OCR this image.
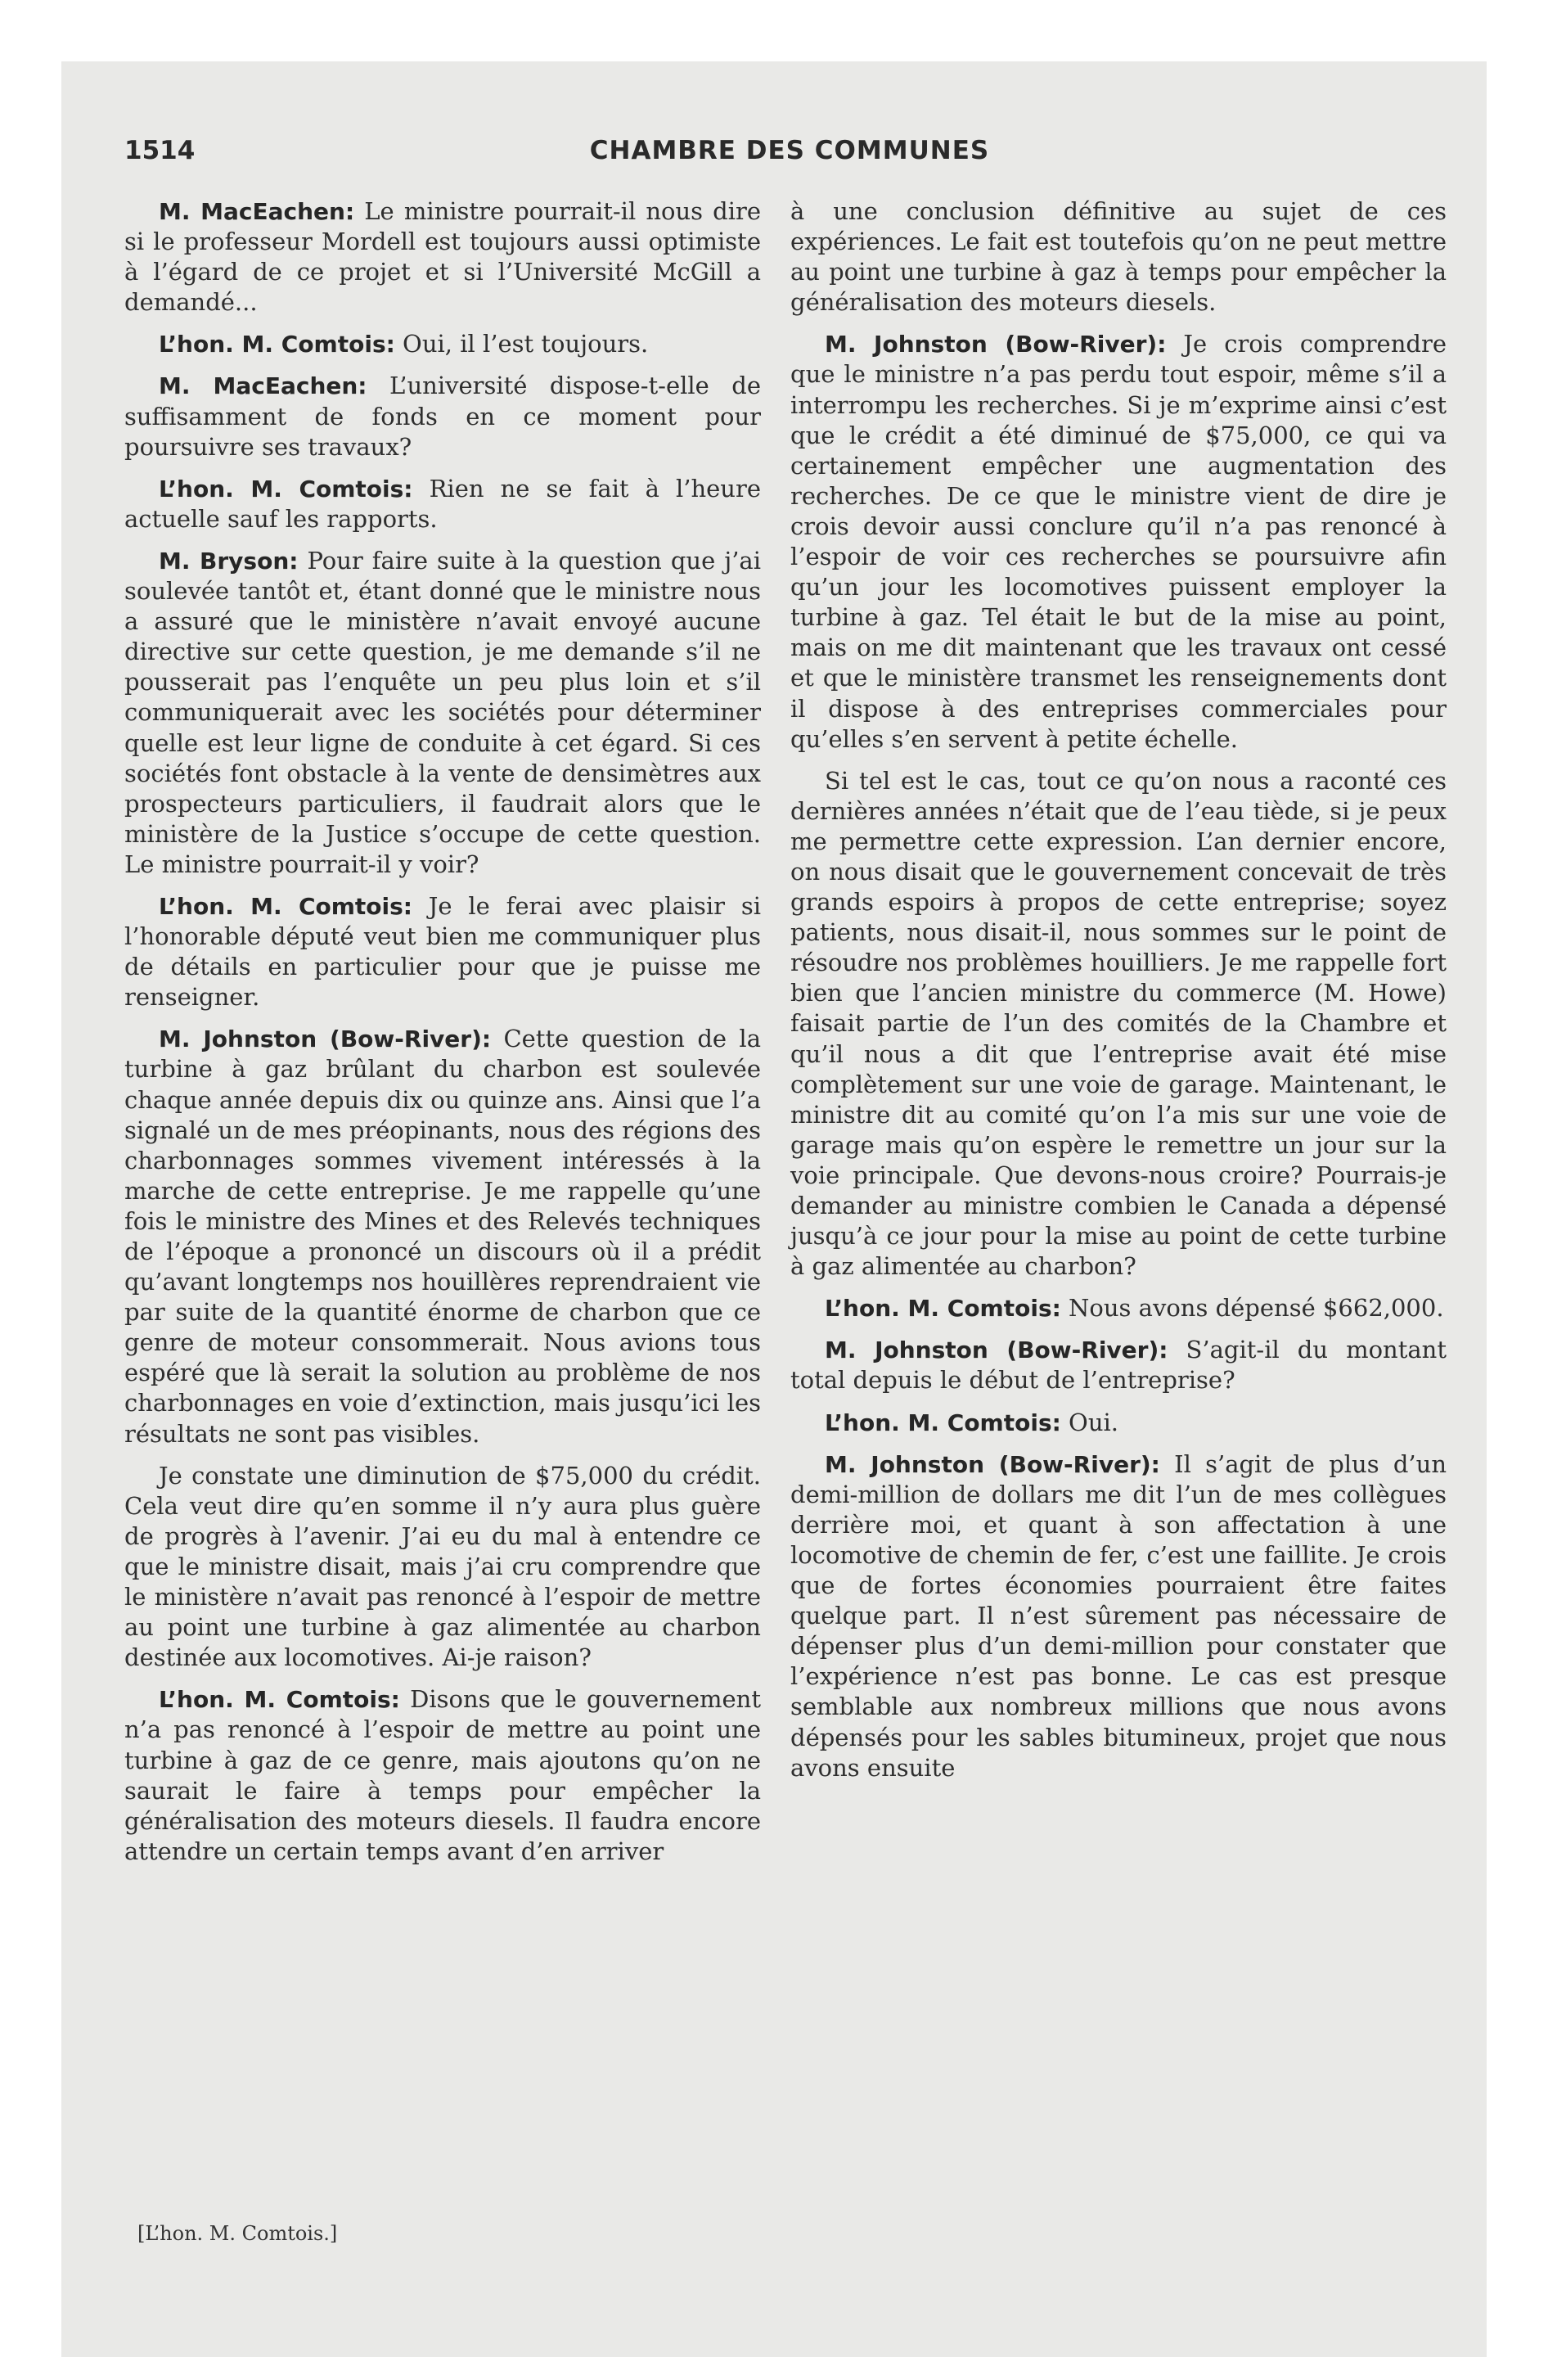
1514	CHAMBRE DES COMMUNES

M. MacEachen: Le ministre pourrait-il nous dire si le professeur Mordell est toujours aussi optimiste à l’égard de ce projet et si l’Université McGill a demandé...

L’hon. M. Comtois: Oui, il l’est toujours.

M. MacEachen: L’université dispose-t-elle de suffisamment de fonds en ce moment pour poursuivre ses travaux?

L’hon. M. Comtois: Rien ne se fait à l’heure actuelle sauf les rapports.

M. Bryson: Pour faire suite à la question que j’ai soulevée tantôt et, étant donné que le ministre nous a assuré que le ministère n’avait envoyé aucune directive sur cette question, je me demande s’il ne pousserait pas l’enquête un peu plus loin et s’il communiquerait avec les sociétés pour déterminer quelle est leur ligne de conduite à cet égard. Si ces sociétés font obstacle à la vente de densimètres aux prospecteurs particuliers, il faudrait alors que le ministère de la Justice s’occupe de cette question. Le ministre pourrait-il y voir?

L’hon. M. Comtois: Je le ferai avec plaisir si l’honorable député veut bien me communiquer plus de détails en particulier pour que je puisse me renseigner.

M. Johnston (Bow-River): Cette question de la turbine à gaz brûlant du charbon est soulevée chaque année depuis dix ou quinze ans. Ainsi que l’a signalé un de mes préopinants, nous des régions des charbonnages sommes vivement intéressés à la marche de cette entreprise. Je me rappelle qu’une fois le ministre des Mines et des Relevés techniques de l’époque a prononcé un discours où il a prédit qu’avant longtemps nos houillères reprendraient vie par suite de la quantité énorme de charbon que ce genre de moteur consommerait. Nous avions tous espéré que là serait la solution au problème de nos charbonnages en voie d’extinction, mais jusqu’ici les résultats ne sont pas visibles.

Je constate une diminution de $75,000 du crédit. Cela veut dire qu’en somme il n’y aura plus guère de progrès à l’avenir. J’ai eu du mal à entendre ce que le ministre disait, mais j’ai cru comprendre que le ministère n’avait pas renoncé à l’espoir de mettre au point une turbine à gaz alimentée au charbon destinée aux locomotives. Ai-je raison?

L’hon. M. Comtois: Disons que le gouvernement n’a pas renoncé à l’espoir de mettre au point une turbine à gaz de ce genre, mais ajoutons qu’on ne saurait le faire à temps pour empêcher la généralisation des moteurs diesels. Il faudra encore attendre un certain temps avant d’en arriver

à une conclusion définitive au sujet de ces expériences. Le fait est toutefois qu’on ne peut mettre au point une turbine à gaz à temps pour empêcher la généralisation des moteurs diesels.

M. Johnston (Bow-River): Je crois comprendre que le ministre n’a pas perdu tout espoir, même s’il a interrompu les recherches. Si je m’exprime ainsi c’est que le crédit a été diminué de $75,000, ce qui va certainement empêcher une augmentation des recherches. De ce que le ministre vient de dire je crois devoir aussi conclure qu’il n’a pas renoncé à l’espoir de voir ces recherches se poursuivre afin qu’un jour les locomotives puissent employer la turbine à gaz. Tel était le but de la mise au point, mais on me dit maintenant que les travaux ont cessé et que le ministère transmet les renseignements dont il dispose à des entreprises commerciales pour qu’elles s’en servent à petite échelle.

Si tel est le cas, tout ce qu’on nous a raconté ces dernières années n’était que de l’eau tiède, si je peux me permettre cette expression. L’an dernier encore, on nous disait que le gouvernement concevait de très grands espoirs à propos de cette entreprise; soyez patients, nous disait-il, nous sommes sur le point de résoudre nos problèmes houilliers. Je me rappelle fort bien que l’ancien ministre du commerce (M. Howe) faisait partie de l’un des comités de la Chambre et qu’il nous a dit que l’entreprise avait été mise complètement sur une voie de garage. Maintenant, le ministre dit au comité qu’on l’a mis sur une voie de garage mais qu’on espère le remettre un jour sur la voie principale. Que devons-nous croire? Pourrais-je demander au ministre combien le Canada a dépensé jusqu’à ce jour pour la mise au point de cette turbine à gaz alimentée au charbon?

L’hon. M. Comtois: Nous avons dépensé $662,000.

M. Johnston (Bow-River): S’agit-il du montant total depuis le début de l’entreprise?

L’hon. M. Comtois: Oui.

M. Johnston (Bow-River): Il s’agit de plus d’un demi-million de dollars me dit l’un de mes collègues derrière moi, et quant à son affectation à une locomotive de chemin de fer, c’est une faillite. Je crois que de fortes économies pourraient être faites quelque part. Il n’est sûrement pas nécessaire de dépenser plus d’un demi-million pour constater que l’expérience n’est pas bonne. Le cas est presque semblable aux nombreux millions que nous avons dépensés pour les sables bitumineux, projet que nous avons ensuite

[L’hon. M. Comtois.]
